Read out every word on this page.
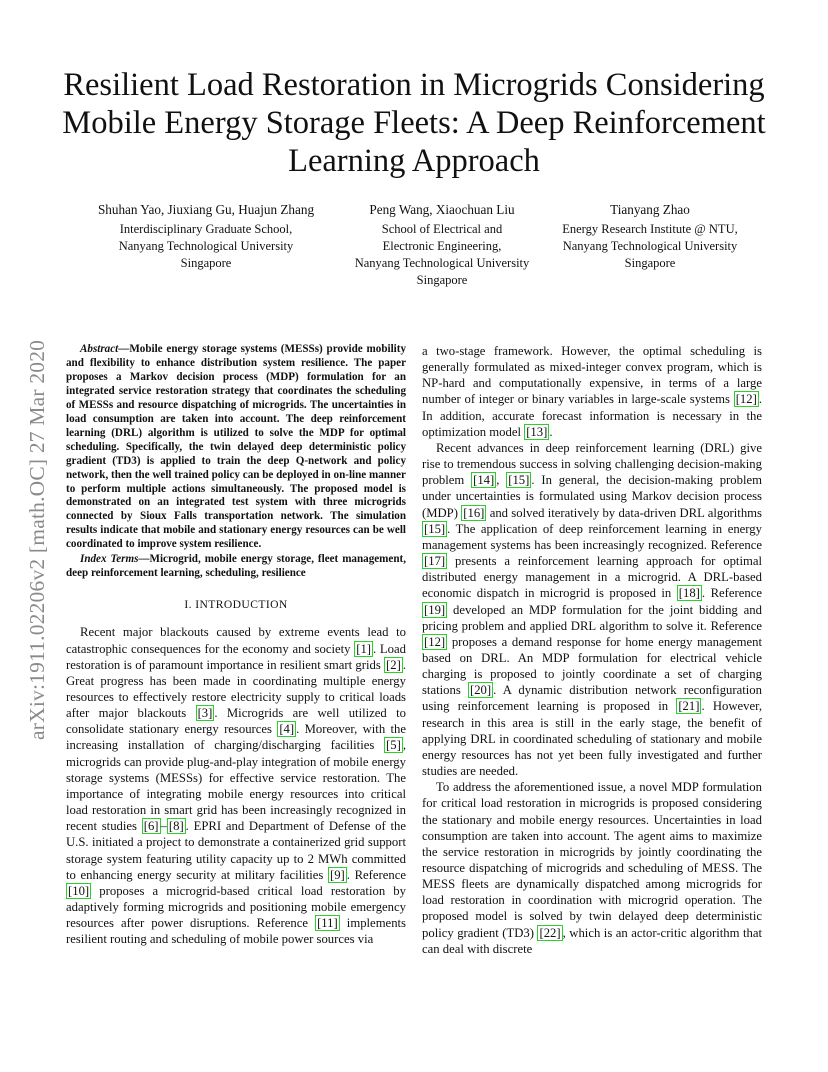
arXiv:1911.02206v2 [math.OC] 27 Mar 2020
Resilient Load Restoration in Microgrids Considering Mobile Energy Storage Fleets: A Deep Reinforcement Learning Approach
Shuhan Yao, Jiuxiang Gu, Huajun Zhang
Interdisciplinary Graduate School,
Nanyang Technological University
Singapore
Peng Wang, Xiaochuan Liu
School of Electrical and
Electronic Engineering,
Nanyang Technological University
Singapore
Tianyang Zhao
Energy Research Institute @ NTU,
Nanyang Technological University
Singapore

Abstract—Mobile energy storage systems (MESSs) provide mobility and flexibility to enhance distribution system resilience. The paper proposes a Markov decision process (MDP) formulation for an integrated service restoration strategy that coordinates the scheduling of MESSs and resource dispatching of microgrids. The uncertainties in load consumption are taken into account. The deep reinforcement learning (DRL) algorithm is utilized to solve the MDP for optimal scheduling. Specifically, the twin delayed deep deterministic policy gradient (TD3) is applied to train the deep Q-network and policy network, then the well trained policy can be deployed in on-line manner to perform multiple actions simultaneously. The proposed model is demonstrated on an integrated test system with three microgrids connected by Sioux Falls transportation network. The simulation results indicate that mobile and stationary energy resources can be well coordinated to improve system resilience.

Index Terms—Microgrid, mobile energy storage, fleet management, deep reinforcement learning, scheduling, resilience

I. INTRODUCTION

Recent major blackouts caused by extreme events lead to catastrophic consequences for the economy and society [1] . Load restoration is of paramount importance in resilient smart grids [2] . Great progress has been made in coordinating multiple energy resources to effectively restore electricity supply to critical loads after major blackouts [3] . Microgrids are well utilized to consolidate stationary energy resources [4] . Moreover, with the increasing installation of charging/discharging facilities [5] , microgrids can provide plug-and-play integration of mobile energy storage systems (MESSs) for effective service restoration. The importance of integrating mobile energy resources into critical load restoration in smart grid has been increasingly recognized in recent studies [6] – [8] . EPRI and Department of Defense of the U.S. initiated a project to demonstrate a containerized grid support storage system featuring utility capacity up to 2 MWh committed to enhancing energy security at military facilities [9] . Reference [10] proposes a microgrid-based critical load restoration by adaptively forming microgrids and positioning mobile emergency resources after power disruptions. Reference [11] implements resilient routing and scheduling of mobile power sources via

a two-stage framework. However, the optimal scheduling is generally formulated as mixed-integer convex program, which is NP-hard and computationally expensive, in terms of a large number of integer or binary variables in large-scale systems [12] . In addition, accurate forecast information is necessary in the optimization model [13] .

Recent advances in deep reinforcement learning (DRL) give rise to tremendous success in solving challenging decision-making problem [14] , [15] . In general, the decision-making problem under uncertainties is formulated using Markov decision process (MDP) [16] and solved iteratively by data-driven DRL algorithms [15] . The application of deep reinforcement learning in energy management systems has been increasingly recognized. Reference [17] presents a reinforcement learning approach for optimal distributed energy management in a microgrid. A DRL-based economic dispatch in microgrid is proposed in [18] . Reference [19] developed an MDP formulation for the joint bidding and pricing problem and applied DRL algorithm to solve it. Reference [12] proposes a demand response for home energy management based on DRL. An MDP formulation for electrical vehicle charging is proposed to jointly coordinate a set of charging stations [20] . A dynamic distribution network reconfiguration using reinforcement learning is proposed in [21] . However, research in this area is still in the early stage, the benefit of applying DRL in coordinated scheduling of stationary and mobile energy resources has not yet been fully investigated and further studies are needed.

To address the aforementioned issue, a novel MDP formulation for critical load restoration in microgrids is proposed considering the stationary and mobile energy resources. Uncertainties in load consumption are taken into account. The agent aims to maximize the service restoration in microgrids by jointly coordinating the resource dispatching of microgrids and scheduling of MESS. The MESS fleets are dynamically dispatched among microgrids for load restoration in coordination with microgrid operation. The proposed model is solved by twin delayed deep deterministic policy gradient (TD3) [22] , which is an actor-critic algorithm that can deal with discrete
